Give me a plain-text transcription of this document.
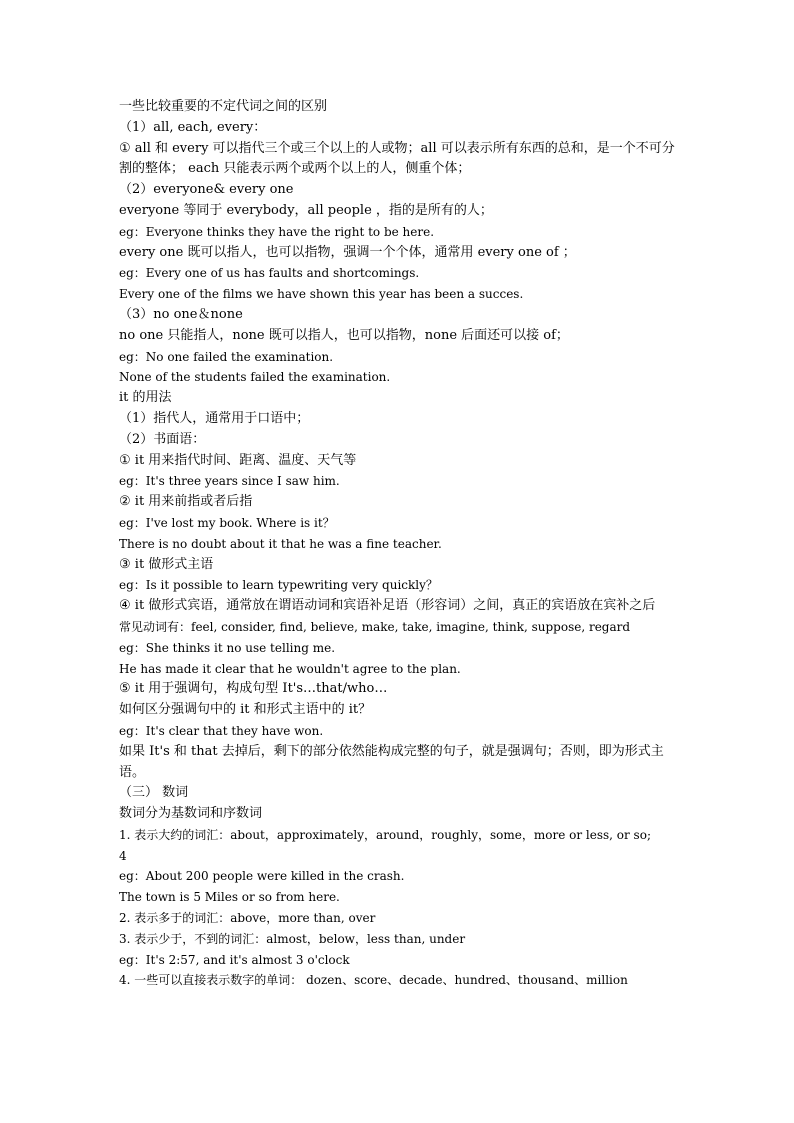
一些比较重要的不定代词之间的区别
（1）all, each, every：
① all 和 every 可以指代三个或三个以上的人或物；all 可以表示所有东西的总和，是一个不可分割的整体； each 只能表示两个或两个以上的人，侧重个体；
（2）everyone& every one
everyone 等同于 everybody，all people ，指的是所有的人；
eg：Everyone thinks they have the right to be here.
every one 既可以指人，也可以指物，强调一个个体，通常用 every one of ；
eg：Every one of us has faults and shortcomings.
Every one of the films we have shown this year has been a succes.
（3）no one＆none
no one 只能指人，none 既可以指人，也可以指物，none 后面还可以接 of；
eg：No one failed the examination.
None of the students failed the examination.
it 的用法
（1）指代人，通常用于口语中；
（2）书面语：
① it 用来指代时间、距离、温度、天气等
eg：It's three years since I saw him.
② it 用来前指或者后指
eg：I've lost my book. Where is it？
There is no doubt about it that he was a fine teacher.
③ it 做形式主语
eg：Is it possible to learn typewriting very quickly？
④ it 做形式宾语，通常放在谓语动词和宾语补足语（形容词）之间，真正的宾语放在宾补之后
常见动词有：feel, consider, find, believe, make, take, imagine, think, suppose, regard
eg：She thinks it no use telling me.
He has made it clear that he wouldn't agree to the plan.
⑤ it 用于强调句，构成句型 It's…that/who…
如何区分强调句中的 it 和形式主语中的 it？
eg：It's clear that they have won.
如果 It's 和 that 去掉后，剩下的部分依然能构成完整的句子，就是强调句；否则，即为形式主语。
（三） 数词
数词分为基数词和序数词
1. 表示大约的词汇：about，approximately，around，roughly，some，more or less, or so;
4
eg：About 200 people were killed in the crash.
The town is 5 Miles or so from here.
2. 表示多于的词汇：above，more than, over
3. 表示少于，不到的词汇：almost，below，less than, under
eg：It's 2:57, and it's almost 3 o'clock
4. 一些可以直接表示数字的单词： dozen、score、decade、hundred、thousand、million
